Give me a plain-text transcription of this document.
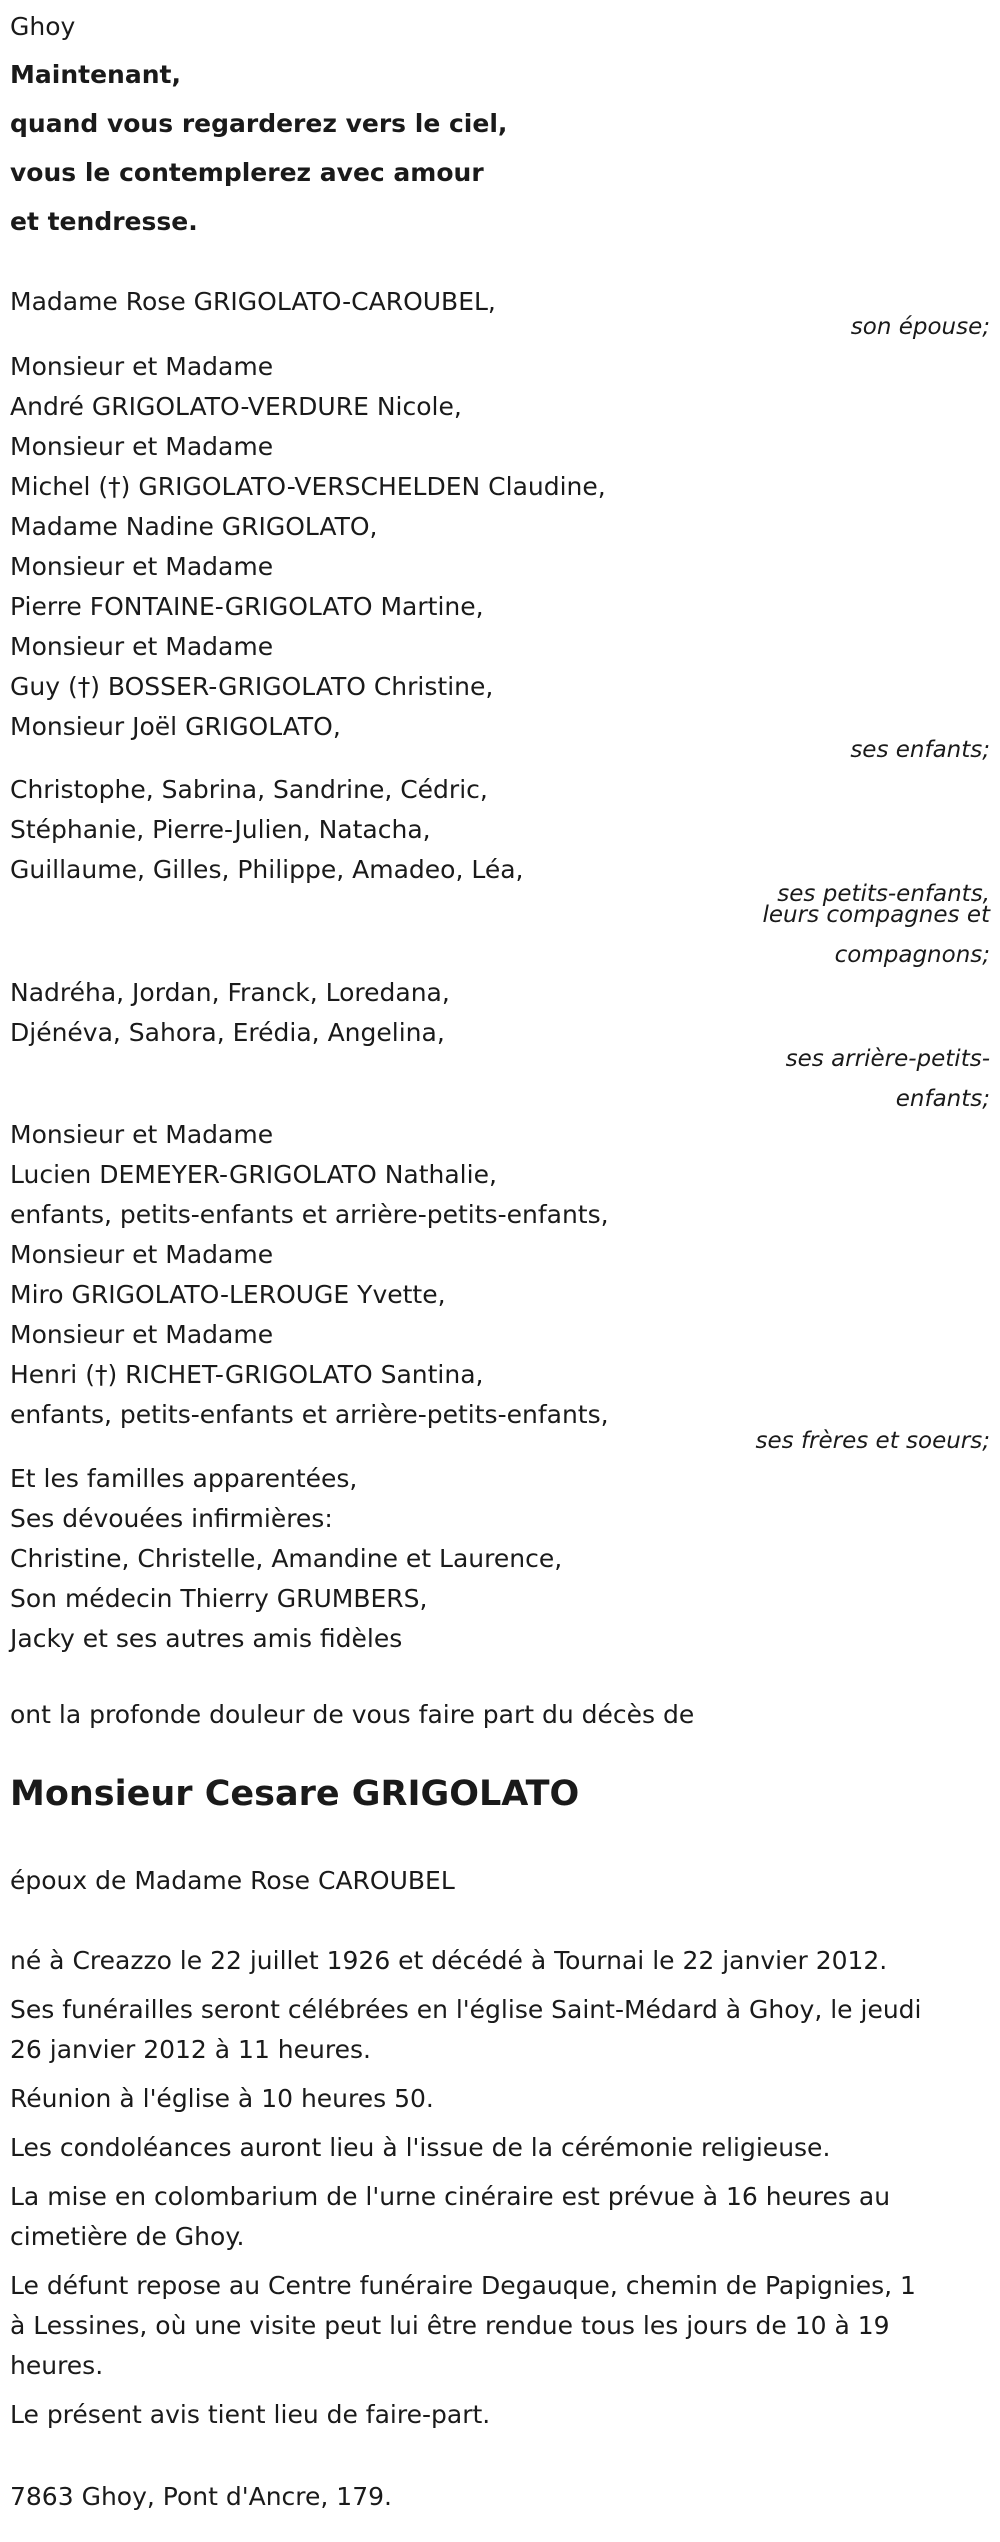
Ghoy
Maintenant,
quand vous regarderez vers le ciel,
vous le contemplerez avec amour
et tendresse.
Madame Rose GRIGOLATO-CAROUBEL,
son épouse;
Monsieur et Madame
André GRIGOLATO-VERDURE Nicole,
Monsieur et Madame
Michel (†) GRIGOLATO-VERSCHELDEN Claudine,
Madame Nadine GRIGOLATO,
Monsieur et Madame
Pierre FONTAINE-GRIGOLATO Martine,
Monsieur et Madame
Guy (†) BOSSER-GRIGOLATO Christine,
Monsieur Joël GRIGOLATO,
ses enfants;
Christophe, Sabrina, Sandrine, Cédric,
Stéphanie, Pierre-Julien, Natacha,
Guillaume, Gilles, Philippe, Amadeo, Léa,
ses petits-enfants,
leurs compagnes et
compagnons;
Nadréha, Jordan, Franck, Loredana,
Djénéva, Sahora, Erédia, Angelina,
ses arrière-petits-
enfants;
Monsieur et Madame
Lucien DEMEYER-GRIGOLATO Nathalie,
enfants, petits-enfants et arrière-petits-enfants,
Monsieur et Madame
Miro GRIGOLATO-LEROUGE Yvette,
Monsieur et Madame
Henri (†) RICHET-GRIGOLATO Santina,
enfants, petits-enfants et arrière-petits-enfants,
ses frères et soeurs;
Et les familles apparentées,
Ses dévouées infirmières:
Christine, Christelle, Amandine et Laurence,
Son médecin Thierry GRUMBERS,
Jacky et ses autres amis fidèles
ont la profonde douleur de vous faire part du décès de
Monsieur Cesare GRIGOLATO
époux de Madame Rose CAROUBEL
né à Creazzo le 22 juillet 1926 et décédé à Tournai le 22 janvier 2012.
Ses funérailles seront célébrées en l'église Saint-Médard à Ghoy, le jeudi
26 janvier 2012 à 11 heures.
Réunion à l'église à 10 heures 50.
Les condoléances auront lieu à l'issue de la cérémonie religieuse.
La mise en colombarium de l'urne cinéraire est prévue à 16 heures au
cimetière de Ghoy.
Le défunt repose au Centre funéraire Degauque, chemin de Papignies, 1
à Lessines, où une visite peut lui être rendue tous les jours de 10 à 19
heures.
Le présent avis tient lieu de faire-part.
7863 Ghoy, Pont d'Ancre, 179.
